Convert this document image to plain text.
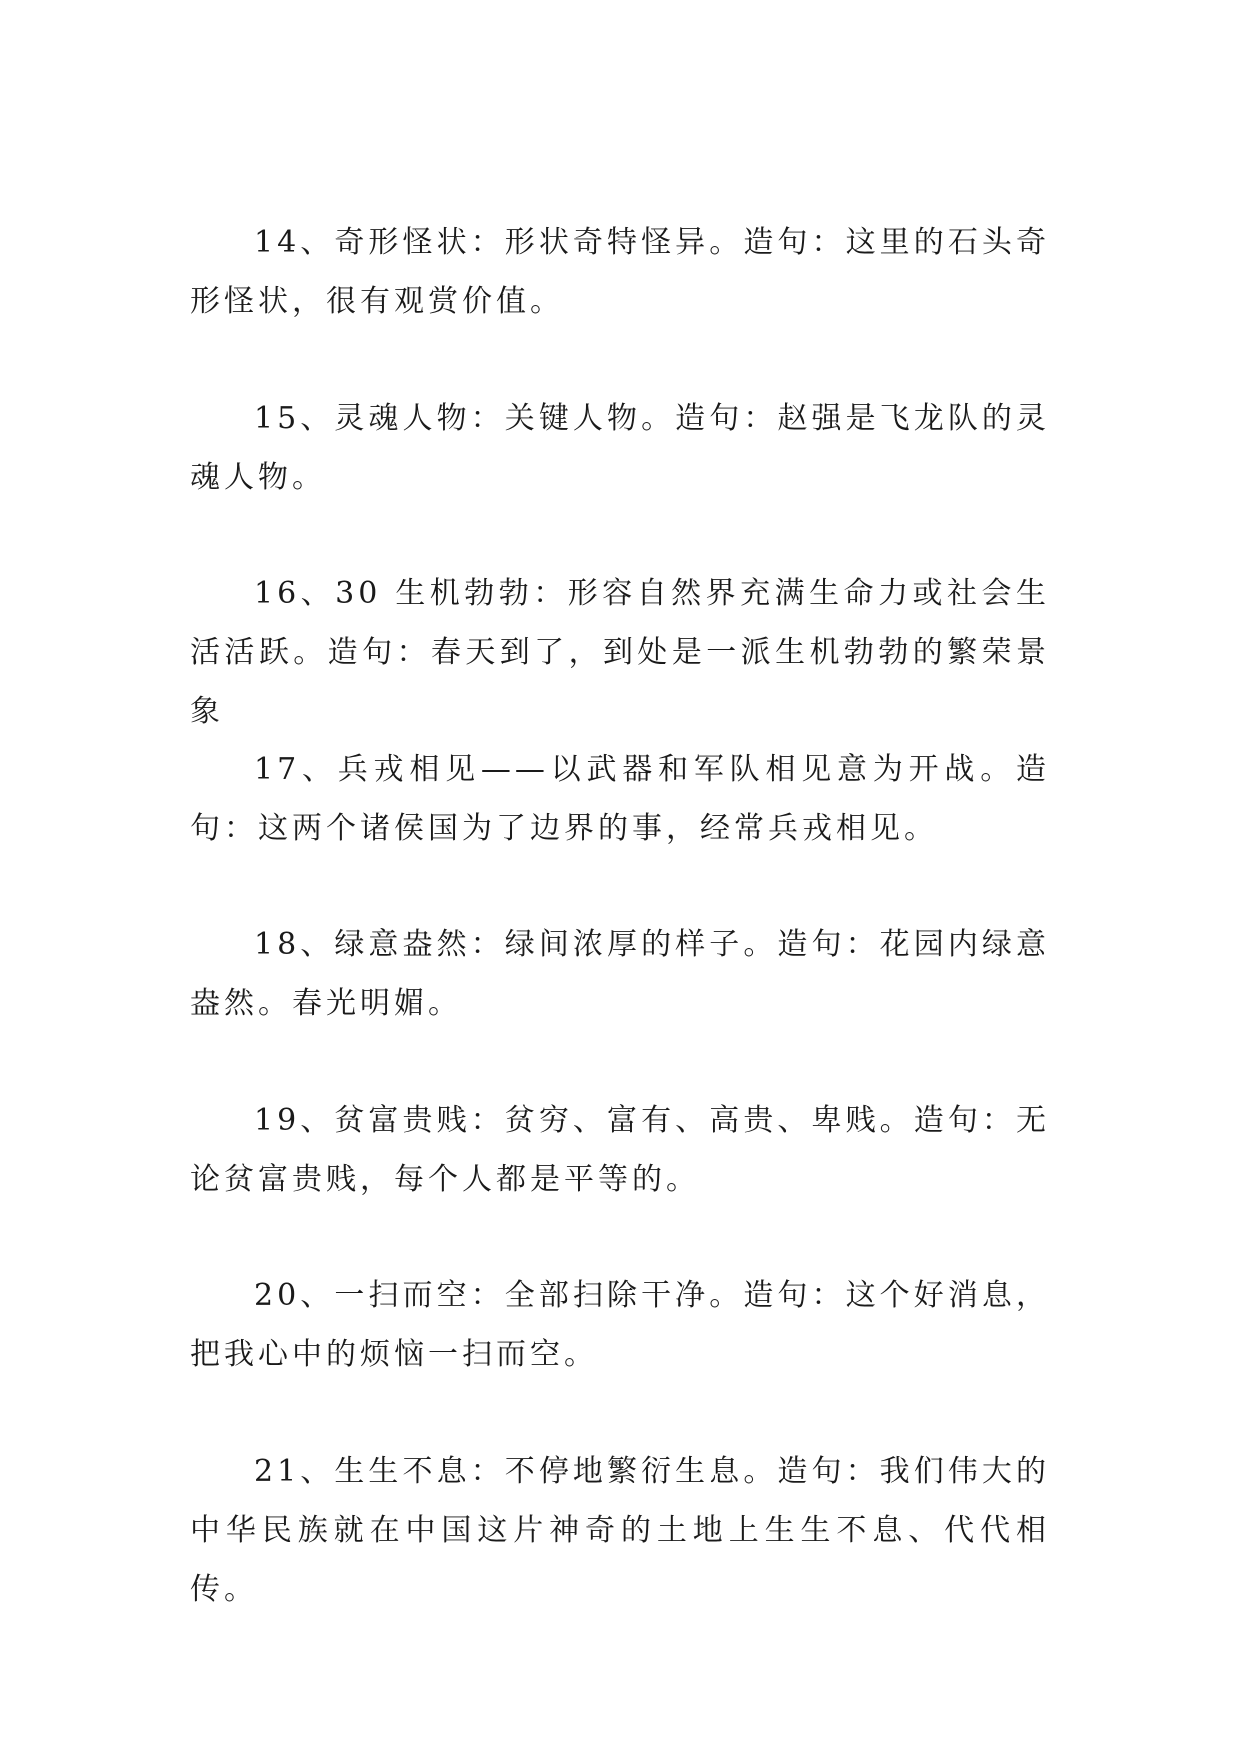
14、奇形怪状：形状奇特怪异。造句：这里的石头奇形怪状，很有观赏价值。

15、灵魂人物：关键人物。造句：赵强是飞龙队的灵魂人物。

16、30 生机勃勃：形容自然界充满生命力或社会生活活跃。造句：春天到了，到处是一派生机勃勃的繁荣景象

17、兵戎相见——以武器和军队相见意为开战。造句：这两个诸侯国为了边界的事，经常兵戎相见。

18、绿意盎然：绿间浓厚的样子。造句：花园内绿意盎然。春光明媚。

19、贫富贵贱：贫穷、富有、高贵、卑贱。造句：无论贫富贵贱，每个人都是平等的。

20、一扫而空：全部扫除干净。造句：这个好消息，把我心中的烦恼一扫而空。

21、生生不息：不停地繁衍生息。造句：我们伟大的中华民族就在中国这片神奇的土地上生生不息、代代相传。
